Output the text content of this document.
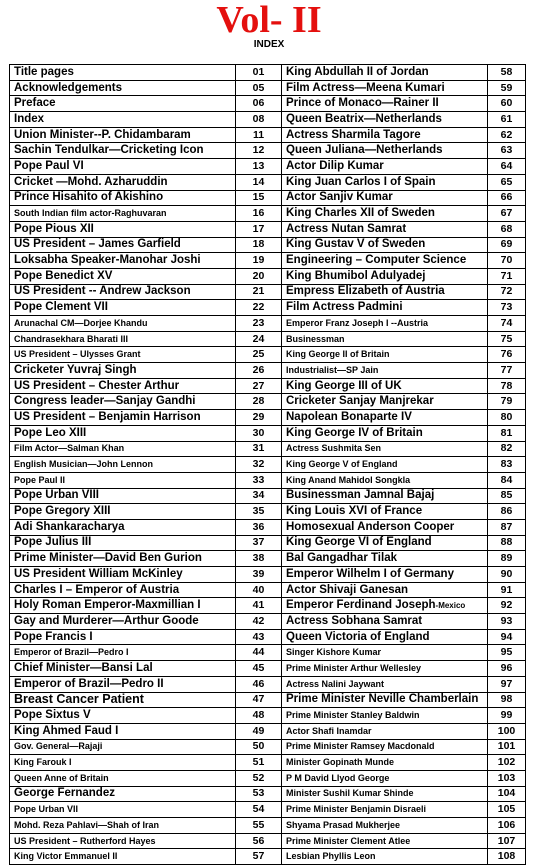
Vol- II
INDEX
Title pages	01	King Abdullah II of Jordan	58
Acknowledgements	05	Film Actress—Meena Kumari	59
Preface	06	Prince of Monaco—Rainer II	60
Index	08	Queen Beatrix—Netherlands	61
Union Minister--P. Chidambaram	11	Actress Sharmila Tagore	62
Sachin Tendulkar—Cricketing Icon	12	Queen Juliana—Netherlands	63
Pope Paul VI	13	Actor Dilip Kumar	64
Cricket —Mohd. Azharuddin	14	King Juan Carlos I of Spain	65
Prince Hisahito of Akishino	15	Actor Sanjiv Kumar	66
South Indian film actor-Raghuvaran	16	King Charles XII of Sweden	67
Pope Pious XII	17	Actress Nutan Samrat	68
US President – James Garfield	18	King Gustav V of Sweden	69
Loksabha Speaker-Manohar Joshi	19	Engineering – Computer Science	70
Pope Benedict XV	20	King Bhumibol Adulyadej	71
US President -- Andrew Jackson	21	Empress Elizabeth of Austria	72
Pope Clement VII	22	Film Actress Padmini	73
Arunachal CM—Dorjee Khandu	23	Emperor Franz Joseph I --Austria	74
Chandrasekhara Bharati III	24	Businessman	75
US President – Ulysses Grant	25	King George II of Britain	76
Cricketer Yuvraj Singh	26	Industrialist—SP Jain	77
US President – Chester Arthur	27	King George III of UK	78
Congress leader—Sanjay Gandhi	28	Cricketer Sanjay Manjrekar	79
US President – Benjamin Harrison	29	Napolean Bonaparte IV	80
Pope Leo XIII	30	King George IV of Britain	81
Film Actor—Salman Khan	31	Actress Sushmita Sen	82
English Musician—John Lennon	32	King George V of England	83
Pope Paul II	33	King Anand Mahidol Songkla	84
Pope Urban VIII	34	Businessman Jamnal Bajaj	85
Pope Gregory XIII	35	King Louis XVI of France	86
Adi Shankaracharya	36	Homosexual Anderson Cooper	87
Pope Julius III	37	King George VI of England	88
Prime Minister—David Ben Gurion	38	Bal Gangadhar Tilak	89
US President William McKinley	39	Emperor Wilhelm I of Germany	90
Charles I – Emperor of Austria	40	Actor Shivaji Ganesan	91
Holy Roman Emperor-Maxmillian I	41	Emperor Ferdinand Joseph-Mexico	92
Gay and Murderer—Arthur Goode	42	Actress Sobhana Samrat	93
Pope Francis I	43	Queen Victoria of England	94
Emperor of Brazil—Pedro I	44	Singer Kishore Kumar	95
Chief Minister—Bansi Lal	45	Prime Minister Arthur Wellesley	96
Emperor of Brazil—Pedro II	46	Actress Nalini Jaywant	97
Breast Cancer Patient	47	Prime Minister Neville Chamberlain	98
Pope Sixtus V	48	Prime Minister Stanley Baldwin	99
King Ahmed Faud I	49	Actor Shafi Inamdar	100
Gov. General—Rajaji	50	Prime Minister Ramsey Macdonald	101
King Farouk I	51	Minister Gopinath Munde	102
Queen Anne of Britain	52	P M David Llyod George	103
George Fernandez	53	Minister Sushil Kumar Shinde	104
Pope Urban VII	54	Prime Minister Benjamin Disraeli	105
Mohd. Reza Pahlavi—Shah of Iran	55	Shyama Prasad Mukherjee	106
US President – Rutherford Hayes	56	Prime Minister Clement Atlee	107
King Victor Emmanuel II	57	Lesbian Phyllis Leon	108
